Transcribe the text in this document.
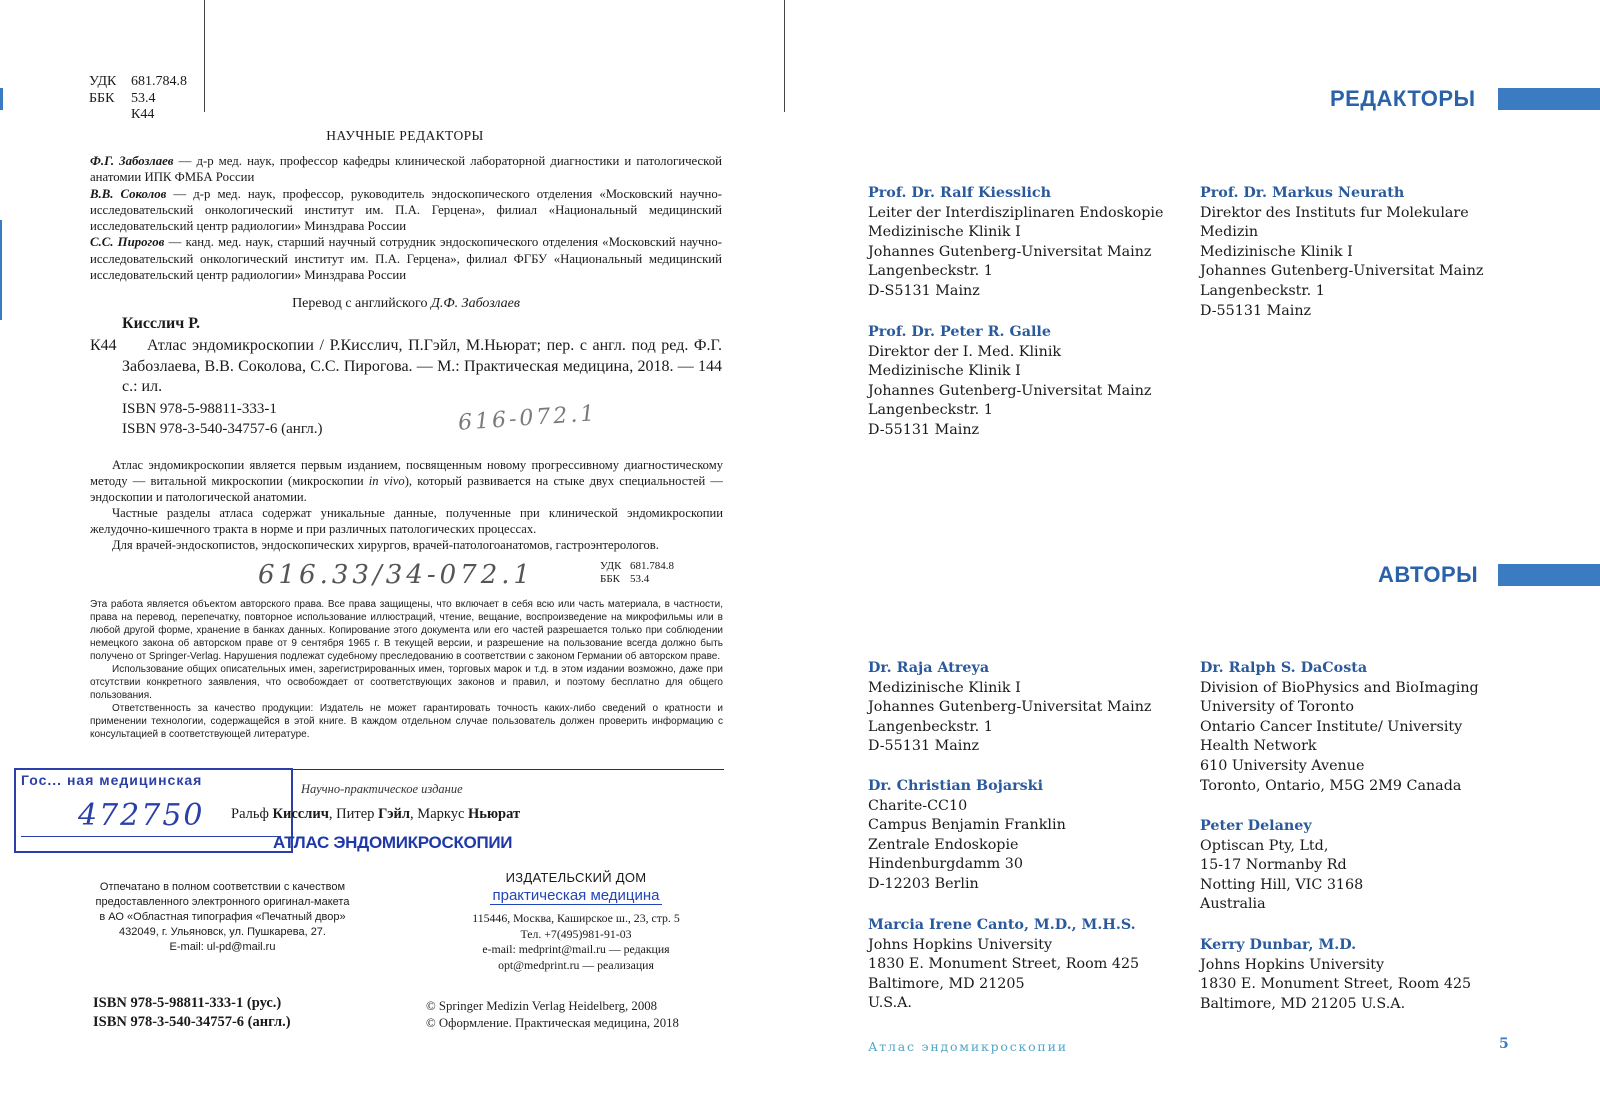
УДК	681.784.8
ББК	53.4
К44
НАУЧНЫЕ РЕДАКТОРЫ

Ф.Г. Забозлаев — д-р мед. наук, профессор кафедры клинической лабораторной диагностики и патологической анатомии ИПК ФМБА России

В.В. Соколов — д-р мед. наук, профессор, руководитель эндоскопического отделения «Московский научно-исследовательский онкологический институт им. П.А. Герцена», филиал «Национальный медицинский исследовательский центр радиологии» Минздрава России

С.С. Пирогов — канд. мед. наук, старший научный сотрудник эндоскопического отделения «Московский научно-исследовательский онкологический институт им. П.А. Герцена», филиал ФГБУ «Национальный медицинский исследовательский центр радиологии» Минздрава России

Перевод с английского Д.Ф. Забозлаев
Кисслич Р.
К44	Атлас эндомикроскопии / Р.Кисслич, П.Гэйл, М.Ньюрат; пер. с англ. под ред. Ф.Г. Забозлаева, В.В. Соколова, С.С. Пирогова. — М.: Практическая медицина, 2018. — 144 с.: ил.
ISBN 978-5-98811-333-1
ISBN 978-3-540-34757-6 (англ.)	616-072.1

Атлас эндомикроскопии является первым изданием, посвященным новому прогрессивному диагностическому методу — витальной микроскопии (микроскопии in vivo), который развивается на стыке двух специальностей — эндоскопии и патологической анатомии.

Частные разделы атласа содержат уникальные данные, полученные при клинической эндомикроскопии желудочно-кишечного тракта в норме и при различных патологических процессах.

Для врачей-эндоскопистов, эндоскопических хирургов, врачей-патологоанатомов, гастроэнтерологов.

616.33/34-072.1	УДК 681.784.8
ББК 53.4

Эта работа является объектом авторского права. Все права защищены, что включает в себя всю или часть материала, в частности, права на перевод, перепечатку, повторное использование иллюстраций, чтение, вещание, воспроизведение на микрофильмы или в любой другой форме, хранение в банках данных. Копирование этого документа или его частей разрешается только при соблюдении немецкого закона об авторском праве от 9 сентября 1965 г. В текущей версии, и разрешение на пользование всегда должно быть получено от Springer-Verlag. Нарушения подлежат судебному преследованию в соответствии с законом Германии об авторском праве.

Использование общих описательных имен, зарегистрированных имен, торговых марок и т.д. в этом издании возможно, даже при отсутствии конкретного заявления, что освобождает от соответствующих законов и правил, и поэтому бесплатно для общего пользования.

Ответственность за качество продукции: Издатель не может гарантировать точность каких-либо сведений о кратности и применении технологии, содержащейся в этой книге. В каждом отдельном случае пользователь должен проверить информацию с консультацией в соответствующей литературе.

Гос... ная медицинская
472750
Научно-практическое издание
Ральф Кисслич, Питер Гэйл, Маркус Ньюрат
АТЛАС ЭНДОМИКРОСКОПИИ
Отпечатано в полном соответствии с качеством
предоставленного электронного оригинал-макета
в АО «Областная типография «Печатный двор»
432049, г. Ульяновск, ул. Пушкарева, 27.
E-mail: ul-pd@mail.ru
ИЗДАТЕЛЬСКИЙ ДОМ
практическая медицина
115446, Москва, Каширское ш., 23, стр. 5
Тел. +7(495)981-91-03
e-mail: medprint@mail.ru — редакция
opt@medprint.ru — реализация
ISBN 978-5-98811-333-1 (рус.)
ISBN 978-3-540-34757-6 (англ.)
© Springer Medizin Verlag Heidelberg, 2008
© Оформление. Практическая медицина, 2018
РЕДАКТОРЫ
Prof. Dr. Ralf Kiesslich
Leiter der Interdisziplinaren Endoskopie
Medizinische Klinik I
Johannes Gutenberg-Universitat Mainz
Langenbeckstr. 1
D-S5131 Mainz
Prof. Dr. Peter R. Galle
Direktor der I. Med. Klinik
Medizinische Klinik I
Johannes Gutenberg-Universitat Mainz
Langenbeckstr. 1
D-55131 Mainz
Prof. Dr. Markus Neurath
Direktor des Instituts fur Molekulare
Medizin
Medizinische Klinik I
Johannes Gutenberg-Universitat Mainz
Langenbeckstr. 1
D-55131 Mainz
АВТОРЫ
Dr. Raja Atreya
Medizinische Klinik I
Johannes Gutenberg-Universitat Mainz
Langenbeckstr. 1
D-55131 Mainz
Dr. Christian Bojarski
Charite-CC10
Campus Benjamin Franklin
Zentrale Endoskopie
Hindenburgdamm 30
D-12203 Berlin
Marcia Irene Canto, M.D., M.H.S.
Johns Hopkins University
1830 E. Monument Street, Room 425
Baltimore, MD 21205
U.S.A.
Dr. Ralph S. DaCosta
Division of BioPhysics and BioImaging
University of Toronto
Ontario Cancer Institute/ University
Health Network
610 University Avenue
Toronto, Ontario, M5G 2M9 Canada
Peter Delaney
Optiscan Pty, Ltd,
15-17 Normanby Rd
Notting Hill, VIC 3168
Australia
Kerry Dunbar, M.D.
Johns Hopkins University
1830 E. Monument Street, Room 425
Baltimore, MD 21205 U.S.A.
Атлас эндомикроскопии	5
